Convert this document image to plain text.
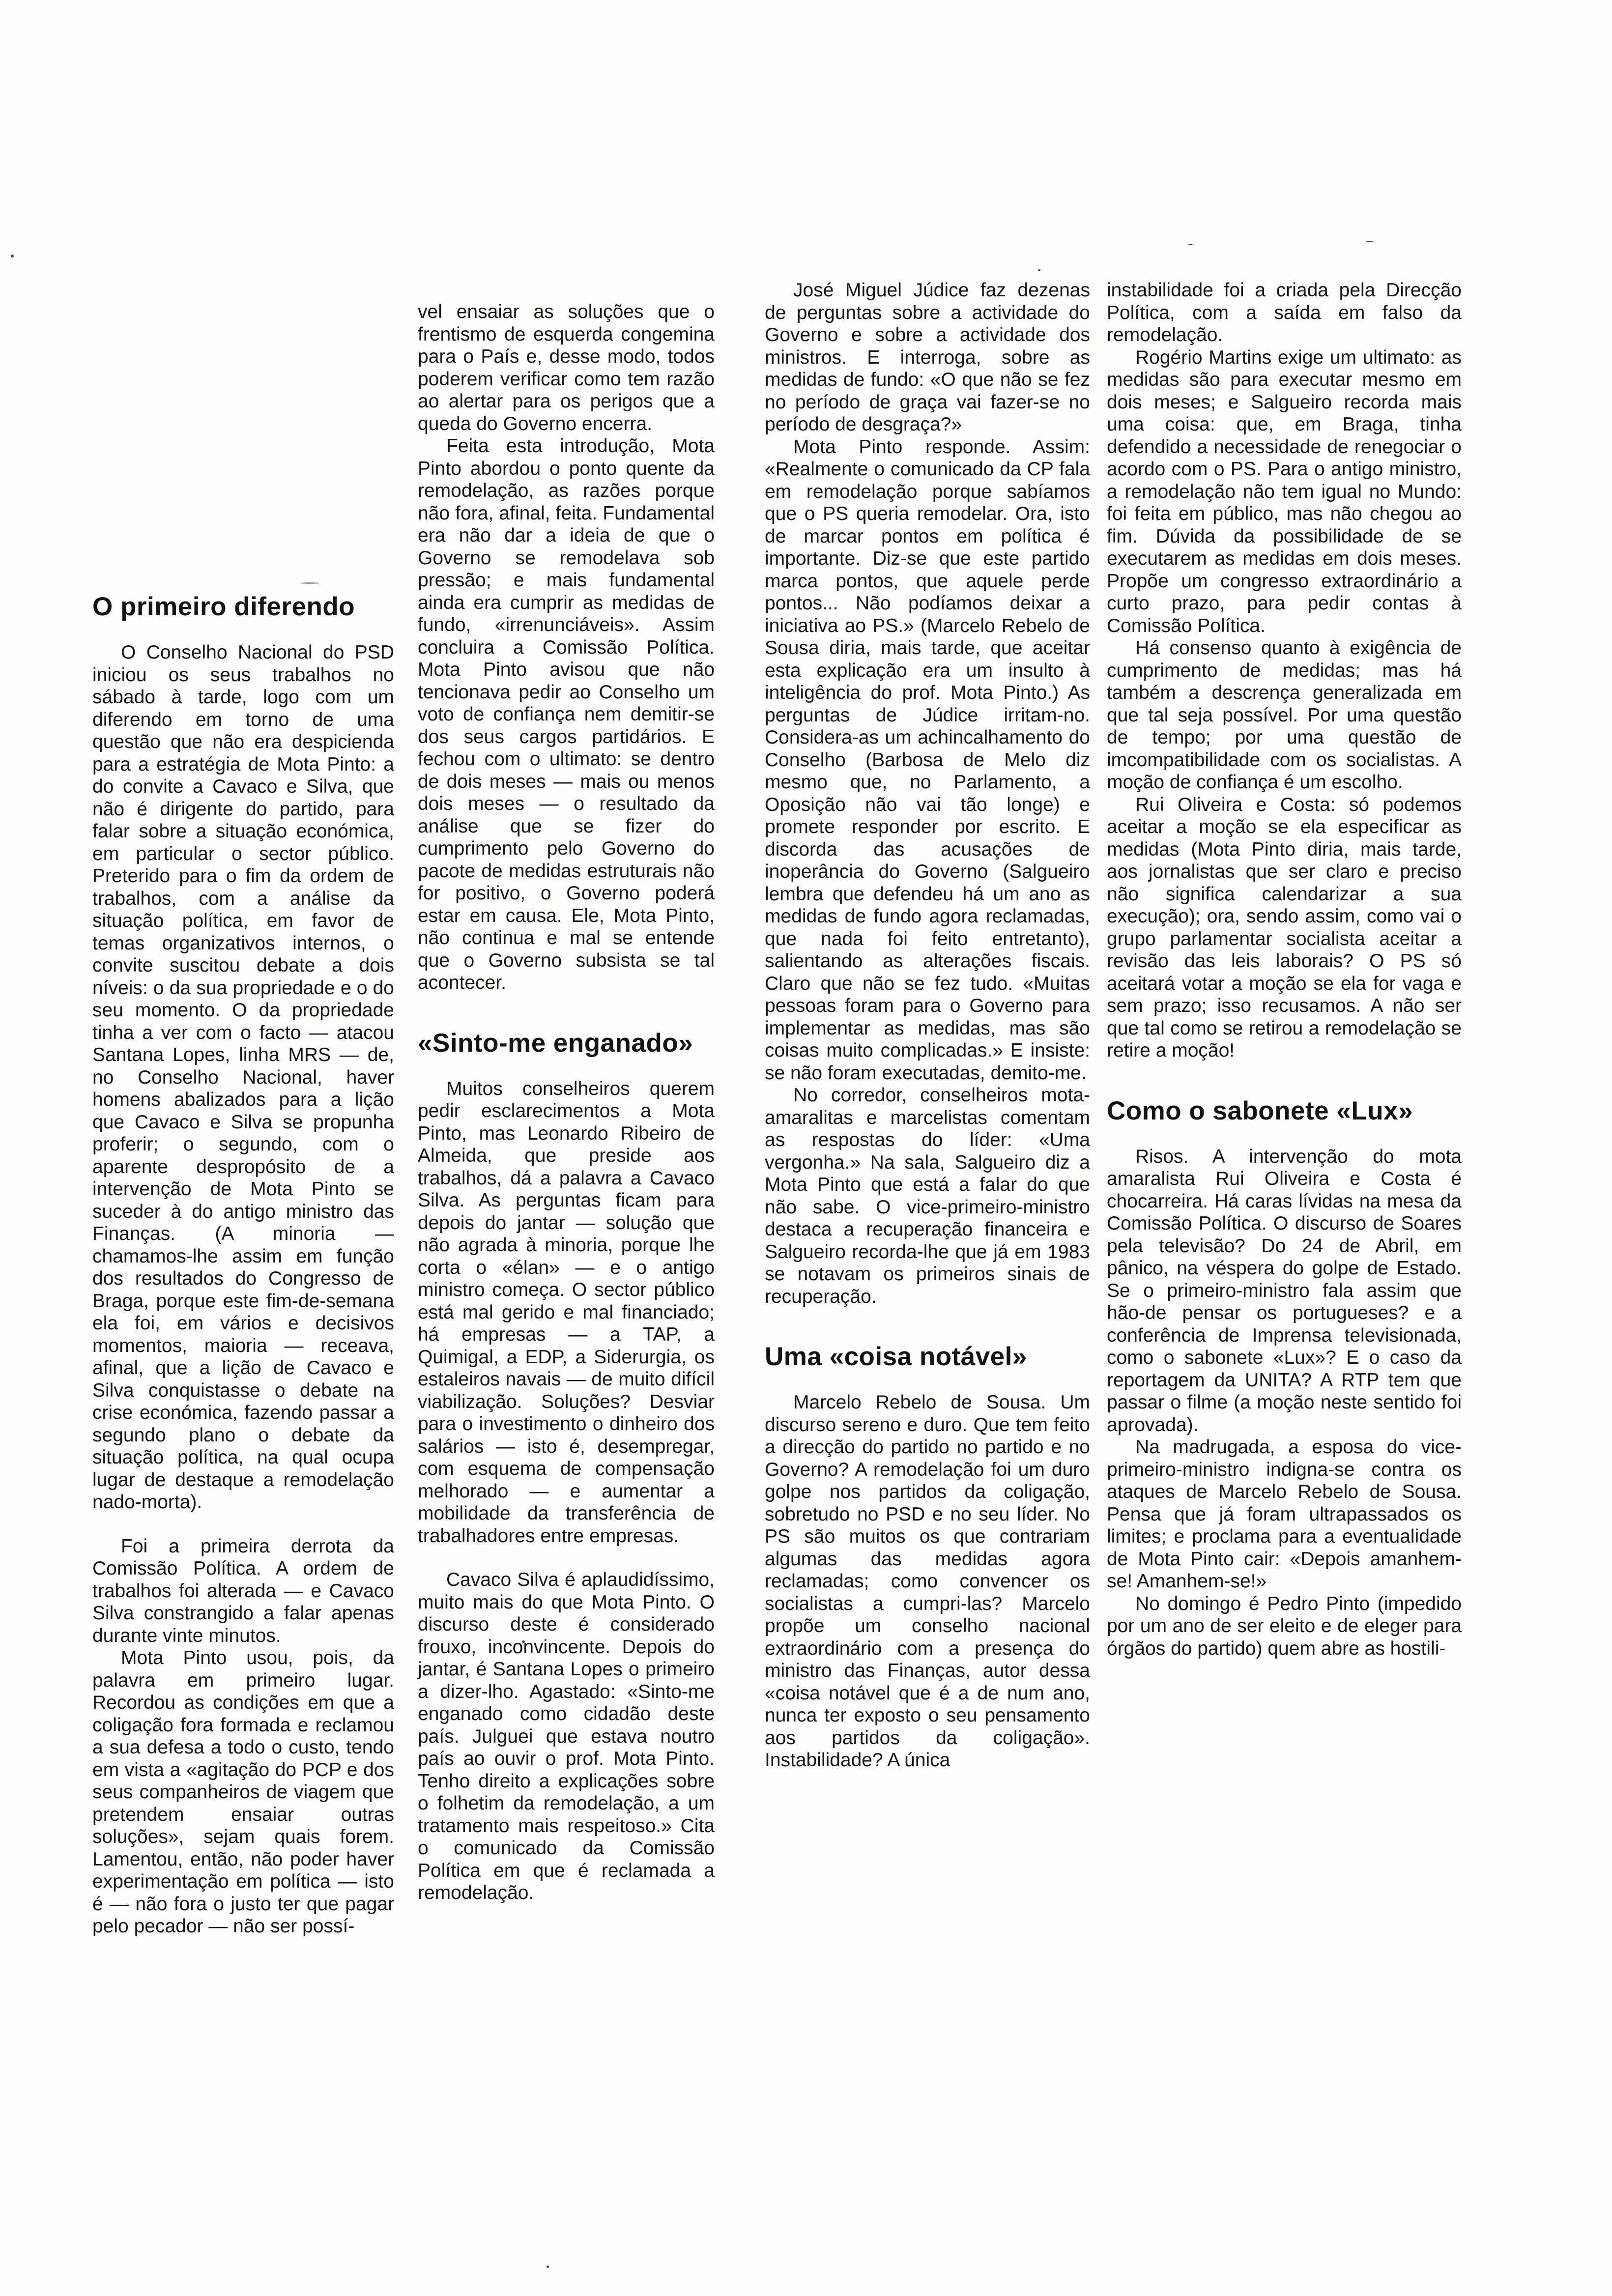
O primeiro diferendo

O Conselho Nacional do PSD iniciou os seus trabalhos no sábado à tarde, logo com um diferendo em torno de uma questão que não era despicienda para a estratégia de Mota Pinto: a do convite a Cavaco e Silva, que não é dirigente do partido, para falar sobre a situação económica, em particular o sector público. Preterido para o fim da ordem de trabalhos, com a análise da situação política, em favor de temas organizativos internos, o convite suscitou debate a dois níveis: o da sua propriedade e o do seu momento. O da propriedade tinha a ver com o facto — atacou Santana Lopes, linha MRS — de, no Conselho Nacional, haver homens abalizados para a lição que Cavaco e Silva se propunha proferir; o segundo, com o aparente despropósito de a intervenção de Mota Pinto se suceder à do antigo ministro das Finanças. (A minoria — chamamos-lhe assim em função dos resultados do Congresso de Braga, porque este fim-de-semana ela foi, em vários e decisivos momentos, maioria — receava, afinal, que a lição de Cavaco e Silva conquistasse o debate na crise económica, fazendo passar a segundo plano o debate da situação política, na qual ocupa lugar de destaque a remodelação nado-morta).

Foi a primeira derrota da Comissão Política. A ordem de trabalhos foi alterada — e Cavaco Silva constrangido a falar apenas durante vinte minutos.

Mota Pinto usou, pois, da palavra em primeiro lugar. Recordou as condições em que a coligação fora formada e reclamou a sua defesa a todo o custo, tendo em vista a «agitação do PCP e dos seus companheiros de viagem que pretendem ensaiar outras soluções», sejam quais forem. Lamentou, então, não poder haver experimentação em política — isto é — não fora o justo ter que pagar pelo pecador — não ser possí-

vel ensaiar as soluções que o frentismo de esquerda congemina para o País e, desse modo, todos poderem verificar como tem razão ao alertar para os perigos que a queda do Governo encerra.

Feita esta introdução, Mota Pinto abordou o ponto quente da remodelação, as razões porque não fora, afinal, feita. Fundamental era não dar a ideia de que o Governo se remodelava sob pressão; e mais fundamental ainda era cumprir as medidas de fundo, «irrenunciáveis». Assim concluira a Comissão Política. Mota Pinto avisou que não tencionava pedir ao Conselho um voto de confiança nem demitir-se dos seus cargos partidários. E fechou com o ultimato: se dentro de dois meses — mais ou menos dois meses — o resultado da análise que se fizer do cumprimento pelo Governo do pacote de medidas estruturais não for positivo, o Governo poderá estar em causa. Ele, Mota Pinto, não continua e mal se entende que o Governo subsista se tal acontecer.

«Sinto-me enganado»

Muitos conselheiros querem pedir esclarecimentos a Mota Pinto, mas Leonardo Ribeiro de Almeida, que preside aos trabalhos, dá a palavra a Cavaco Silva. As perguntas ficam para depois do jantar — solução que não agrada à minoria, porque lhe corta o «élan» — e o antigo ministro começa. O sector público está mal gerido e mal financiado; há empresas — a TAP, a Quimigal, a EDP, a Siderurgia, os estaleiros navais — de muito difícil viabilização. Soluções? Desviar para o investimento o dinheiro dos salários — isto é, desempregar, com esquema de compensação melhorado — e aumentar a mobilidade da transferência de trabalhadores entre empresas.

Cavaco Silva é aplaudidíssimo, muito mais do que Mota Pinto. O discurso deste é considerado frouxo, inconvincente. Depois do jantar, é Santana Lopes o primeiro a dizer-lho. Agastado: «Sinto-me enganado como cidadão deste país. Julguei que estava noutro país ao ouvir o prof. Mota Pinto. Tenho direito a explicações sobre o folhetim da remodelação, a um tratamento mais respeitoso.» Cita o comunicado da Comissão Política em que é reclamada a remodelação.

José Miguel Júdice faz dezenas de perguntas sobre a actividade do Governo e sobre a actividade dos ministros. E interroga, sobre as medidas de fundo: «O que não se fez no período de graça vai fazer-se no período de desgraça?»

Mota Pinto responde. Assim: «Realmente o comunicado da CP fala em remodelação porque sabíamos que o PS queria remodelar. Ora, isto de marcar pontos em política é importante. Diz-se que este partido marca pontos, que aquele perde pontos... Não podíamos deixar a iniciativa ao PS.» (Marcelo Rebelo de Sousa diria, mais tarde, que aceitar esta explicação era um insulto à inteligência do prof. Mota Pinto.) As perguntas de Júdice irritam-no. Considera-as um achincalhamento do Conselho (Barbosa de Melo diz mesmo que, no Parlamento, a Oposição não vai tão longe) e promete responder por escrito. E discorda das acusações de inoperância do Governo (Salgueiro lembra que defendeu há um ano as medidas de fundo agora reclamadas, que nada foi feito entretanto), salientando as alterações fiscais. Claro que não se fez tudo. «Muitas pessoas foram para o Governo para implementar as medidas, mas são coisas muito complicadas.» E insiste: se não foram executadas, demito-me.

No corredor, conselheiros mota-amaralitas e marcelistas comentam as respostas do líder: «Uma vergonha.» Na sala, Salgueiro diz a Mota Pinto que está a falar do que não sabe. O vice-primeiro-ministro destaca a recuperação financeira e Salgueiro recorda-lhe que já em 1983 se notavam os primeiros sinais de recuperação.

Uma «coisa notável»

Marcelo Rebelo de Sousa. Um discurso sereno e duro. Que tem feito a direcção do partido no partido e no Governo? A remodelação foi um duro golpe nos partidos da coligação, sobretudo no PSD e no seu líder. No PS são muitos os que contrariam algumas das medidas agora reclamadas; como convencer os socialistas a cumpri-las? Marcelo propõe um conselho nacional extraordinário com a presença do ministro das Finanças, autor dessa «coisa notável que é a de num ano, nunca ter exposto o seu pensamento aos partidos da coligação». Instabilidade? A única

instabilidade foi a criada pela Direcção Política, com a saída em falso da remodelação.

Rogério Martins exige um ultimato: as medidas são para executar mesmo em dois meses; e Salgueiro recorda mais uma coisa: que, em Braga, tinha defendido a necessidade de renegociar o acordo com o PS. Para o antigo ministro, a remodelação não tem igual no Mundo: foi feita em público, mas não chegou ao fim. Dúvida da possibilidade de se executarem as medidas em dois meses. Propõe um congresso extraordinário a curto prazo, para pedir contas à Comissão Política.

Há consenso quanto à exigência de cumprimento de medidas; mas há também a descrença generalizada em que tal seja possível. Por uma questão de tempo; por uma questão de imcompatibilidade com os socialistas. A moção de confiança é um escolho.

Rui Oliveira e Costa: só podemos aceitar a moção se ela especificar as medidas (Mota Pinto diria, mais tarde, aos jornalistas que ser claro e preciso não significa calendarizar a sua execução); ora, sendo assim, como vai o grupo parlamentar socialista aceitar a revisão das leis laborais? O PS só aceitará votar a moção se ela for vaga e sem prazo; isso recusamos. A não ser que tal como se retirou a remodelação se retire a moção!

Como o sabonete «Lux»

Risos. A intervenção do mota amaralista Rui Oliveira e Costa é chocarreira. Há caras lívidas na mesa da Comissão Política. O discurso de Soares pela televisão? Do 24 de Abril, em pânico, na véspera do golpe de Estado. Se o primeiro-ministro fala assim que hão-de pensar os portugueses? e a conferência de Imprensa televisionada, como o sabonete «Lux»? E o caso da reportagem da UNITA? A RTP tem que passar o filme (a moção neste sentido foi aprovada).

Na madrugada, a esposa do vice-primeiro-ministro indigna-se contra os ataques de Marcelo Rebelo de Sousa. Pensa que já foram ultrapassados os limites; e proclama para a eventualidade de Mota Pinto cair: «Depois amanhem-se! Amanhem-se!»

No domingo é Pedro Pinto (impedido por um ano de ser eleito e de eleger para órgãos do partido) quem abre as hostili-
